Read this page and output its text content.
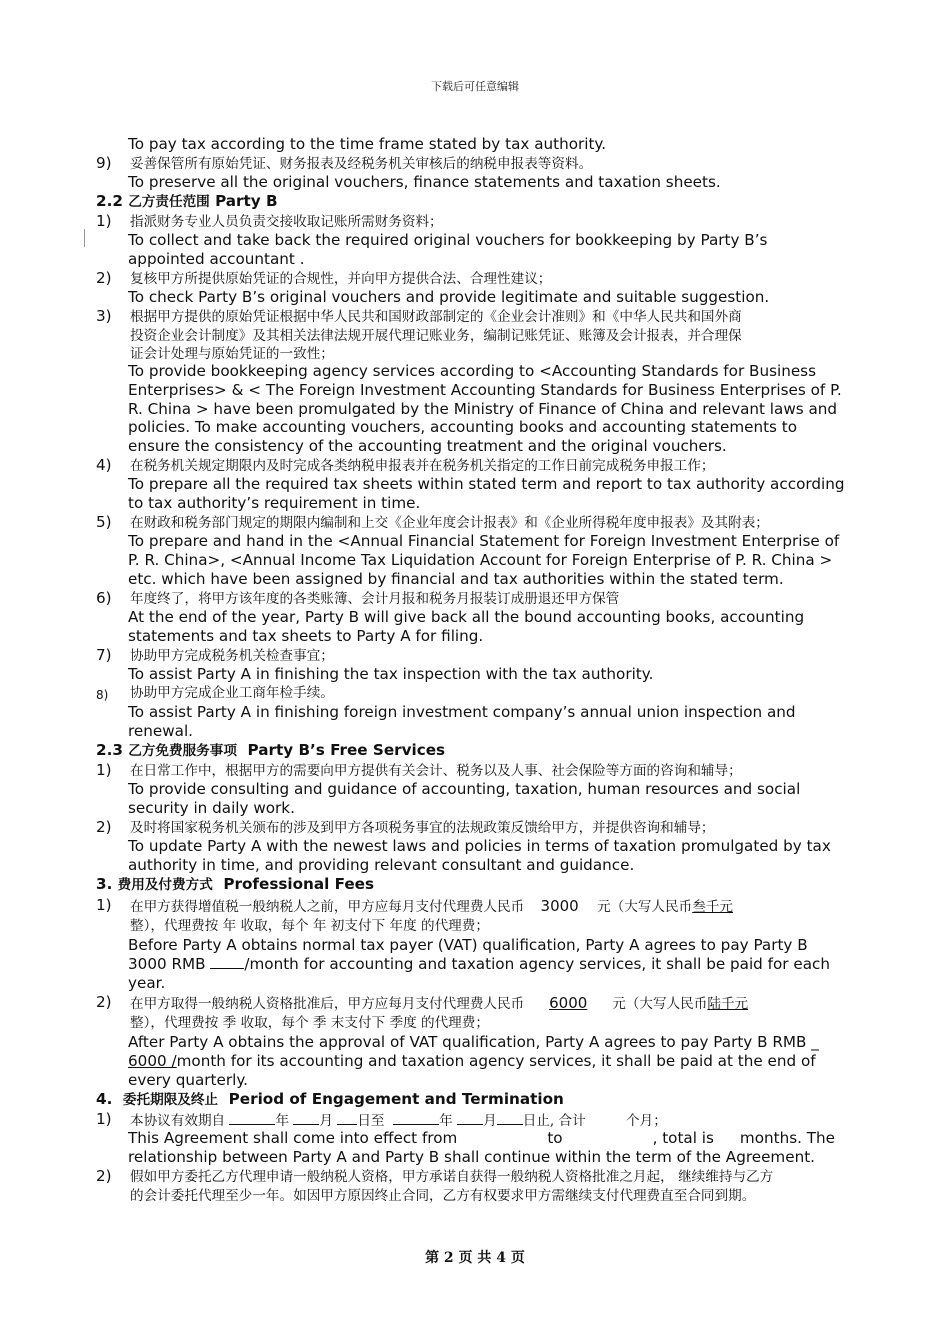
下载后可任意编辑
To pay tax according to the time frame stated by tax authority.
9) 妥善保管所有原始凭证、财务报表及经税务机关审核后的纳税申报表等资料。
To preserve all the original vouchers, finance statements and taxation sheets.
2.2 乙方责任范围 Party B
1) 指派财务专业人员负责交接收取记账所需财务资料；
To collect and take back the required original vouchers for bookkeeping by Party B’s
appointed accountant .
2) 复核甲方所提供原始凭证的合规性，并向甲方提供合法、合理性建议；
To check Party B’s original vouchers and provide legitimate and suitable suggestion.
3) 根据甲方提供的原始凭证根据中华人民共和国财政部制定的《企业会计准则》和《中华人民共和国外商
投资企业会计制度》及其相关法律法规开展代理记账业务，编制记账凭证、账簿及会计报表，并合理保
证会计处理与原始凭证的一致性；
To provide bookkeeping agency services according to <Accounting Standards for Business
Enterprises> & < The Foreign Investment Accounting Standards for Business Enterprises of P.
R. China > have been promulgated by the Ministry of Finance of China and relevant laws and
policies. To make accounting vouchers, accounting books and accounting statements to
ensure the consistency of the accounting treatment and the original vouchers.
4) 在税务机关规定期限内及时完成各类纳税申报表并在税务机关指定的工作日前完成税务申报工作；
To prepare all the required tax sheets within stated term and report to tax authority according
to tax authority’s requirement in time.
5) 在财政和税务部门规定的期限内编制和上交《企业年度会计报表》和《企业所得税年度申报表》及其附表；
To prepare and hand in the <Annual Financial Statement for Foreign Investment Enterprise of
P. R. China>, <Annual Income Tax Liquidation Account for Foreign Enterprise of P. R. China >
etc. which have been assigned by financial and tax authorities within the stated term.
6) 年度终了，将甲方该年度的各类账簿、会计月报和税务月报装订成册退还甲方保管
At the end of the year, Party B will give back all the bound accounting books, accounting
statements and tax sheets to Party A for filing.
7) 协助甲方完成税务机关检查事宜；
To assist Party A in finishing the tax inspection with the tax authority.
8) 协助甲方完成企业工商年检手续。
To assist Party A in finishing foreign investment company’s annual union inspection and
renewal.
2.3 乙方免费服务事项 Party B’s Free Services
1) 在日常工作中，根据甲方的需要向甲方提供有关会计、税务以及人事、社会保险等方面的咨询和辅导；
To provide consulting and guidance of accounting, taxation, human resources and social
security in daily work.
2) 及时将国家税务机关颁布的涉及到甲方各项税务事宜的法规政策反馈给甲方，并提供咨询和辅导；
To update Party A with the newest laws and policies in terms of taxation promulgated by tax
authority in time, and providing relevant consultant and guidance.
3. 费用及付费方式 Professional Fees
1) 在甲方获得增值税一般纳税人之前，甲方应每月支付代理费人民币 3000 元（大写人民币叁千元
整），代理费按 年 收取，每个 年 初支付下 年度 的代理费；
Before Party A obtains normal tax payer (VAT) qualification, Party A agrees to pay Party B
3000 RMB	/month for accounting and taxation agency services, it shall be paid for each
year.
2) 在甲方取得一般纳税人资格批准后，甲方应每月支付代理费人民币 6000 元（大写人民币陆千元
整），代理费按 季 收取，每个 季 末支付下 季度 的代理费；
After Party A obtains the approval of VAT qualification, Party A agrees to pay Party B RMB _
6000 /month for its accounting and taxation agency services, it shall be paid at the end of
every quarterly.
4. 委托期限及终止 Period of Engagement and Termination
1) 本协议有效期自	年 月 日至	年 月 日止, 合计	个月；
This Agreement shall come into effect from	to	, total is months. The
relationship between Party A and Party B shall continue within the term of the Agreement.
2) 假如甲方委托乙方代理申请一般纳税人资格，甲方承诺自获得一般纳税人资格批准之月起， 继续维持与乙方
的会计委托代理至少一年。如因甲方原因终止合同，乙方有权要求甲方需继续支付代理费直至合同到期。
第 2 页 共 4 页
